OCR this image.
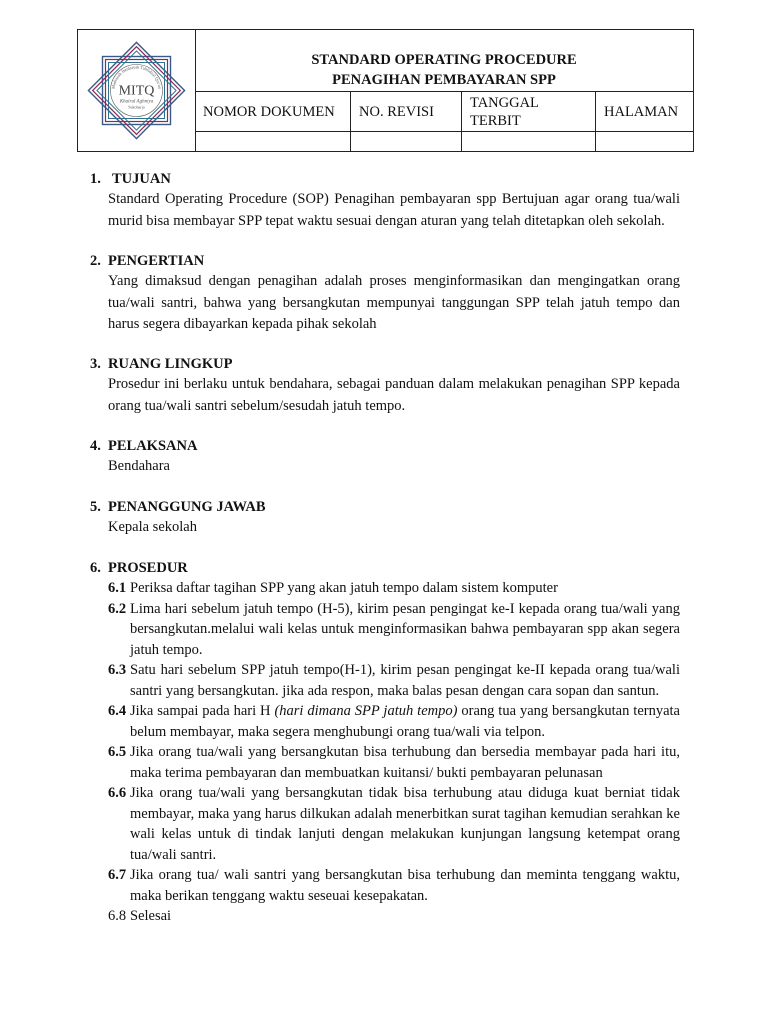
Madrasah Ibtidaiyah Tahfidzul Qur'an
MITQ
Khairul Aghniya
Sukoharjo
STANDARD OPERATING PROCEDURE
PENAGIHAN PEMBAYARAN SPP
NOMOR DOKUMEN	NO. REVISI
TANGGAL
TERBIT
HALAMAN
1. TUJUAN
Standard Operating Procedure (SOP) Penagihan pembayaran spp Bertujuan agar orang tua/wali murid bisa membayar SPP tepat waktu sesuai dengan aturan yang telah ditetapkan oleh sekolah.
2. PENGERTIAN
Yang dimaksud dengan penagihan adalah proses menginformasikan dan mengingatkan orang tua/wali santri, bahwa yang bersangkutan mempunyai tanggungan SPP telah jatuh tempo dan harus segera dibayarkan kepada pihak sekolah
3. RUANG LINGKUP
Prosedur ini berlaku untuk bendahara, sebagai panduan dalam melakukan penagihan SPP kepada orang tua/wali santri sebelum/sesudah jatuh tempo.
4. PELAKSANA
Bendahara
5. PENANGGUNG JAWAB
Kepala sekolah
6. PROSEDUR
6.1 Periksa daftar tagihan SPP yang akan jatuh tempo dalam sistem komputer
6.2 Lima hari sebelum jatuh tempo (H-5), kirim pesan pengingat ke-I kepada orang tua/wali yang bersangkutan.melalui wali kelas untuk menginformasikan bahwa pembayaran spp akan segera jatuh tempo.
6.3 Satu hari sebelum SPP jatuh tempo(H-1), kirim pesan pengingat ke-II kepada orang tua/wali santri yang bersangkutan. jika ada respon, maka balas pesan dengan cara sopan dan santun.
6.4 Jika sampai pada hari H (hari dimana SPP jatuh tempo) orang tua yang bersangkutan ternyata belum membayar, maka segera menghubungi orang tua/wali via telpon.
6.5 Jika orang tua/wali yang bersangkutan bisa terhubung dan bersedia membayar pada hari itu, maka terima pembayaran dan membuatkan kuitansi/ bukti pembayaran pelunasan
6.6 Jika orang tua/wali yang bersangkutan tidak bisa terhubung atau diduga kuat berniat tidak membayar, maka yang harus dilkukan adalah menerbitkan surat tagihan kemudian serahkan ke wali kelas untuk di tindak lanjuti dengan melakukan kunjungan langsung ketempat orang tua/wali santri.
6.7 Jika orang tua/ wali santri yang bersangkutan bisa terhubung dan meminta tenggang waktu, maka berikan tenggang waktu seseuai kesepakatan.
6.8 Selesai
